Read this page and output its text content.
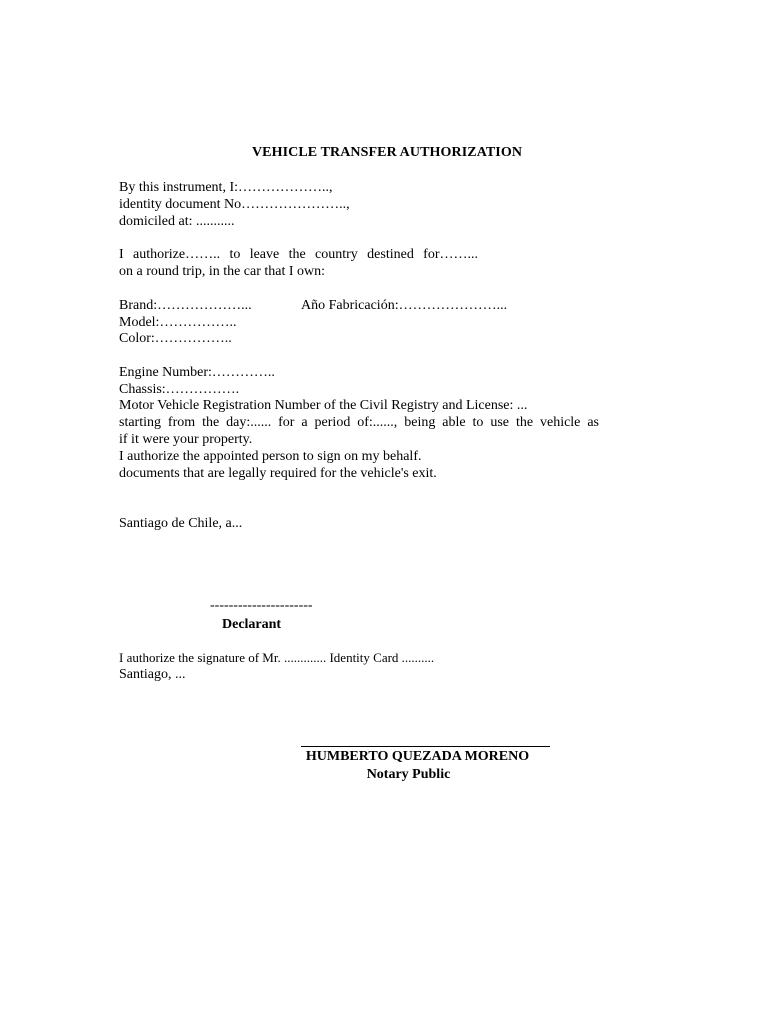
VEHICLE TRANSFER AUTHORIZATION
By this instrument, I:………………..,
identity document No…………………..,
domiciled at: ...........
I authorize…….. to leave the country destined for……...
on a round trip, in the car that I own:
Brand:………………...	Año Fabricación:…………………...
Model:……………..
Color:……………..
Engine Number:…………..
Chassis:…………….
Motor Vehicle Registration Number of the Civil Registry and License: ...
starting from the day:...... for a period of:......, being able to use the vehicle as
if it were your property.
I authorize the appointed person to sign on my behalf.
documents that are legally required for the vehicle's exit.
Santiago de Chile, a...
----------------------
Declarant
I authorize the signature of Mr. ............. Identity Card ..........
Santiago, ...
HUMBERTO QUEZADA MORENO
Notary Public
